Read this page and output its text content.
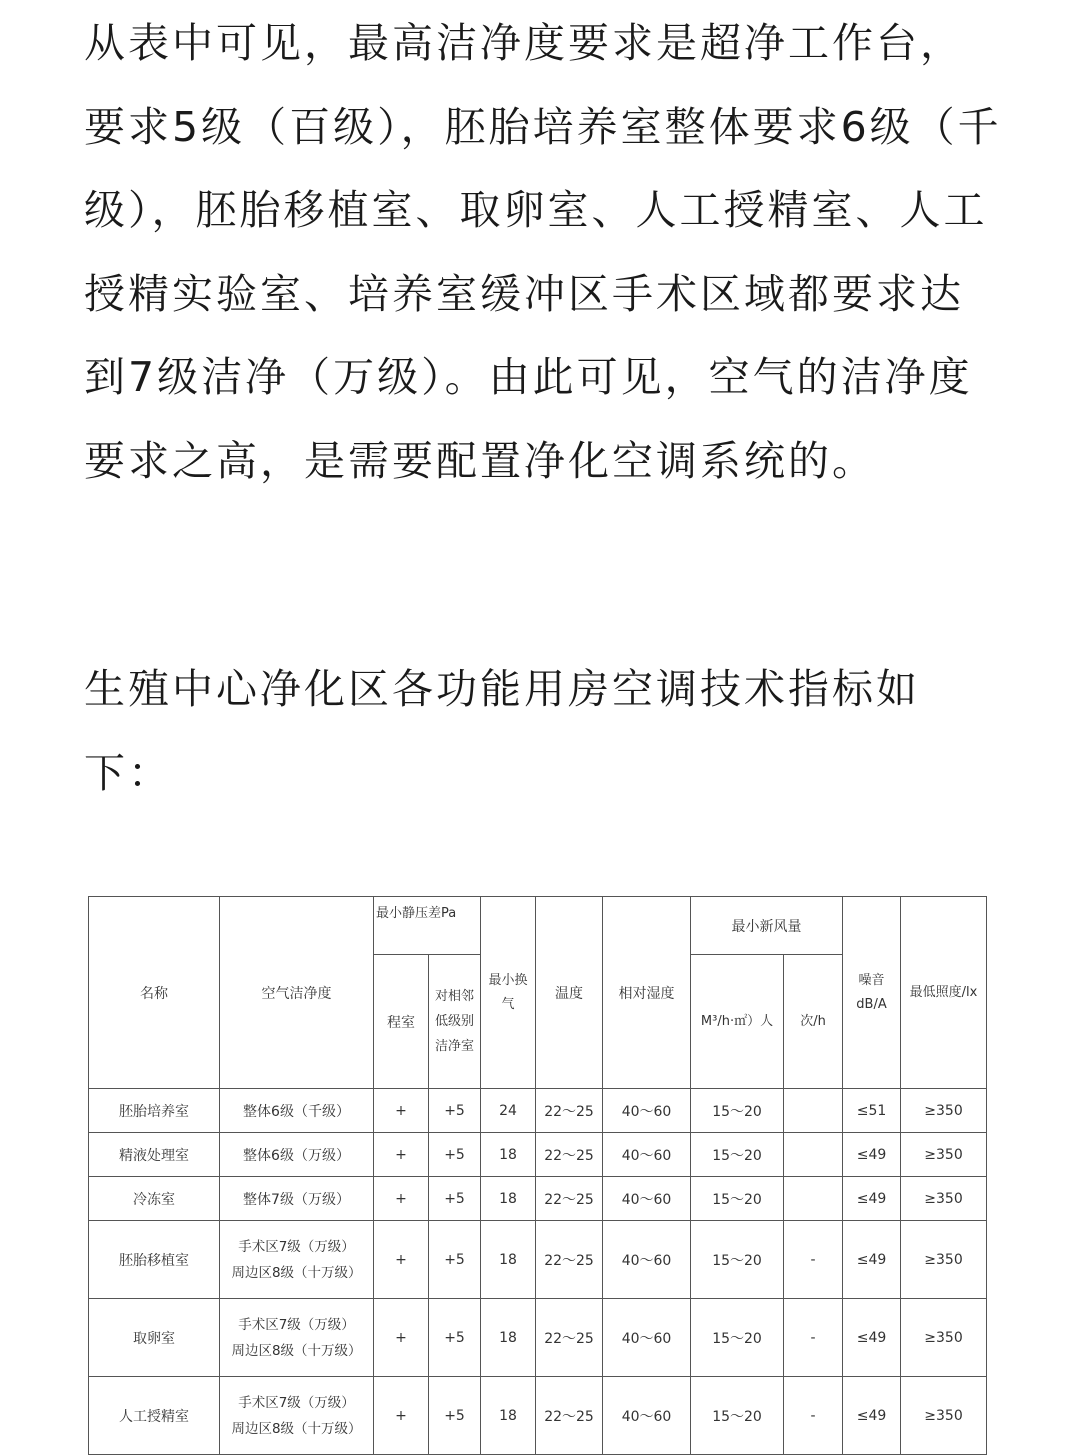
从表中可见，最高洁净度要求是超净工作台，要求5级（百级），胚胎培养室整体要求6级（千级），胚胎移植室、取卵室、人工授精室、人工授精实验室、培养室缓冲区手术区域都要求达到7级洁净（万级）。由此可见，空气的洁净度要求之高，是需要配置净化空调系统的。

生殖中心净化区各功能用房空调技术指标如下：

名称	空气洁净度	最小静压差Pa		最小换气	温度	相对湿度	最小新风量		噪音dB/A	最低照度/lx
		程室	对相邻低级别洁净室				M³/h·㎡）人	次/h		
胚胎培养室	整体6级（千级）	+	+5	24	22～25	40～60	15～20		≤51	≥350
精液处理室	整体6级（万级）	+	+5	18	22～25	40～60	15～20		≤49	≥350
冷冻室	整体7级（万级）	+	+5	18	22～25	40～60	15～20		≤49	≥350
胚胎移植室	手术区7级（万级）
周边区8级（十万级）	+	+5	18	22～25	40～60	15～20	-	≤49	≥350
取卵室	手术区7级（万级）
周边区8级（十万级）	+	+5	18	22～25	40～60	15～20	-	≤49	≥350
人工授精室	手术区7级（万级）
周边区8级（十万级）	+	+5	18	22～25	40～60	15～20	-	≤49	≥350
